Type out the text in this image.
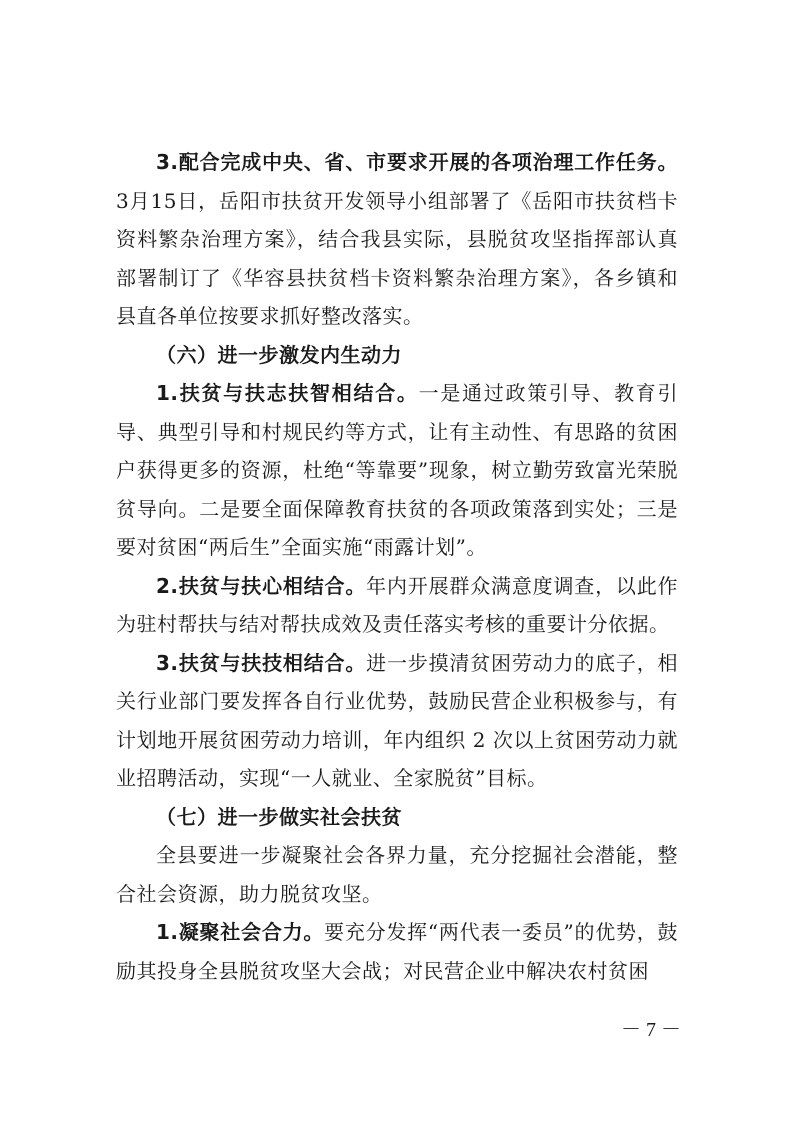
3.配合完成中央、省、市要求开展的各项治理工作任务。3月15日，岳阳市扶贫开发领导小组部署了《岳阳市扶贫档卡资料繁杂治理方案》，结合我县实际，县脱贫攻坚指挥部认真部署制订了《华容县扶贫档卡资料繁杂治理方案》，各乡镇和县直各单位按要求抓好整改落实。

（六）进一步激发内生动力

1.扶贫与扶志扶智相结合。一是通过政策引导、教育引导、典型引导和村规民约等方式，让有主动性、有思路的贫困户获得更多的资源，杜绝“等靠要”现象，树立勤劳致富光荣脱贫导向。二是要全面保障教育扶贫的各项政策落到实处；三是要对贫困“两后生”全面实施“雨露计划”。

2.扶贫与扶心相结合。年内开展群众满意度调查，以此作为驻村帮扶与结对帮扶成效及责任落实考核的重要计分依据。

3.扶贫与扶技相结合。进一步摸清贫困劳动力的底子，相关行业部门要发挥各自行业优势，鼓励民营企业积极参与，有计划地开展贫困劳动力培训，年内组织 2 次以上贫困劳动力就业招聘活动，实现“一人就业、全家脱贫”目标。

（七）进一步做实社会扶贫

全县要进一步凝聚社会各界力量，充分挖掘社会潜能，整合社会资源，助力脱贫攻坚。

1.凝聚社会合力。要充分发挥“两代表一委员”的优势，鼓励其投身全县脱贫攻坚大会战；对民营企业中解决农村贫困

－ 7 －
